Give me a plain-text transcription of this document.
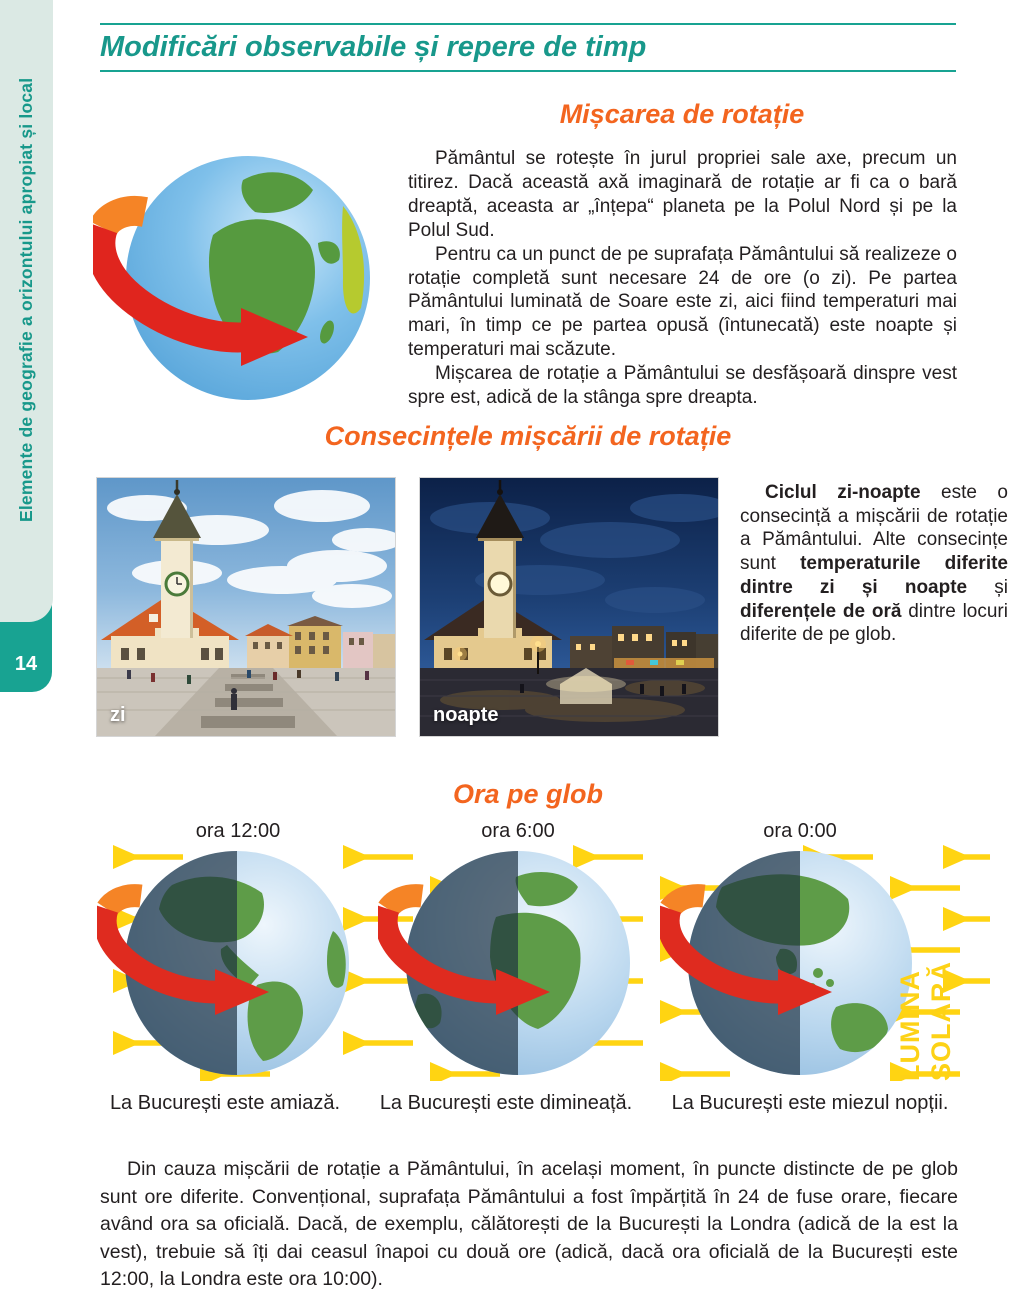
14
Elemente de geografie a orizontului apropiat și local
Modificări observabile și repere de timp
Mișcarea de rotație

Pământul se rotește în jurul propriei sale axe, precum un titirez. Dacă această axă imaginară de rotație ar fi ca o bară dreaptă, aceasta ar „înțepa“ planeta pe la Polul Nord și pe la Polul Sud.

Pentru ca un punct de pe suprafața Pământului să realizeze o rotație completă sunt necesare 24 de ore (o zi). Pe partea Pământului luminată de Soare este zi, aici fiind temperaturi mai mari, în timp ce pe partea opusă (întunecată) este noapte și temperaturi mai scăzute.

Mișcarea de rotație a Pământului se desfășoară dinspre vest spre est, adică de la stânga spre dreapta.

Consecințele mișcării de rotație
zi	noapte

Ciclul zi-noapte este o consecință a mișcării de rotație a Pământului. Alte consecințe sunt temperaturile diferite dintre zi și noapte și diferențele de oră dintre locuri diferite de pe glob.

Ora pe glob
ora 12:00	ora 6:00	ora 0:00
LUMINA SOLARĂ
La București este amiază.	La București este dimineață.	La București este miezul nopții.

Din cauza mișcării de rotație a Pământului, în același moment, în puncte distincte de pe glob sunt ore diferite. Convențional, suprafața Pământului a fost împărțită în 24 de fuse orare, fiecare având ora sa oficială. Dacă, de exemplu, călătorești de la București la Londra (adică de la est la vest), trebuie să îți dai ceasul înapoi cu două ore (adică, dacă ora oficială de la București este 12:00, la Londra este ora 10:00).
